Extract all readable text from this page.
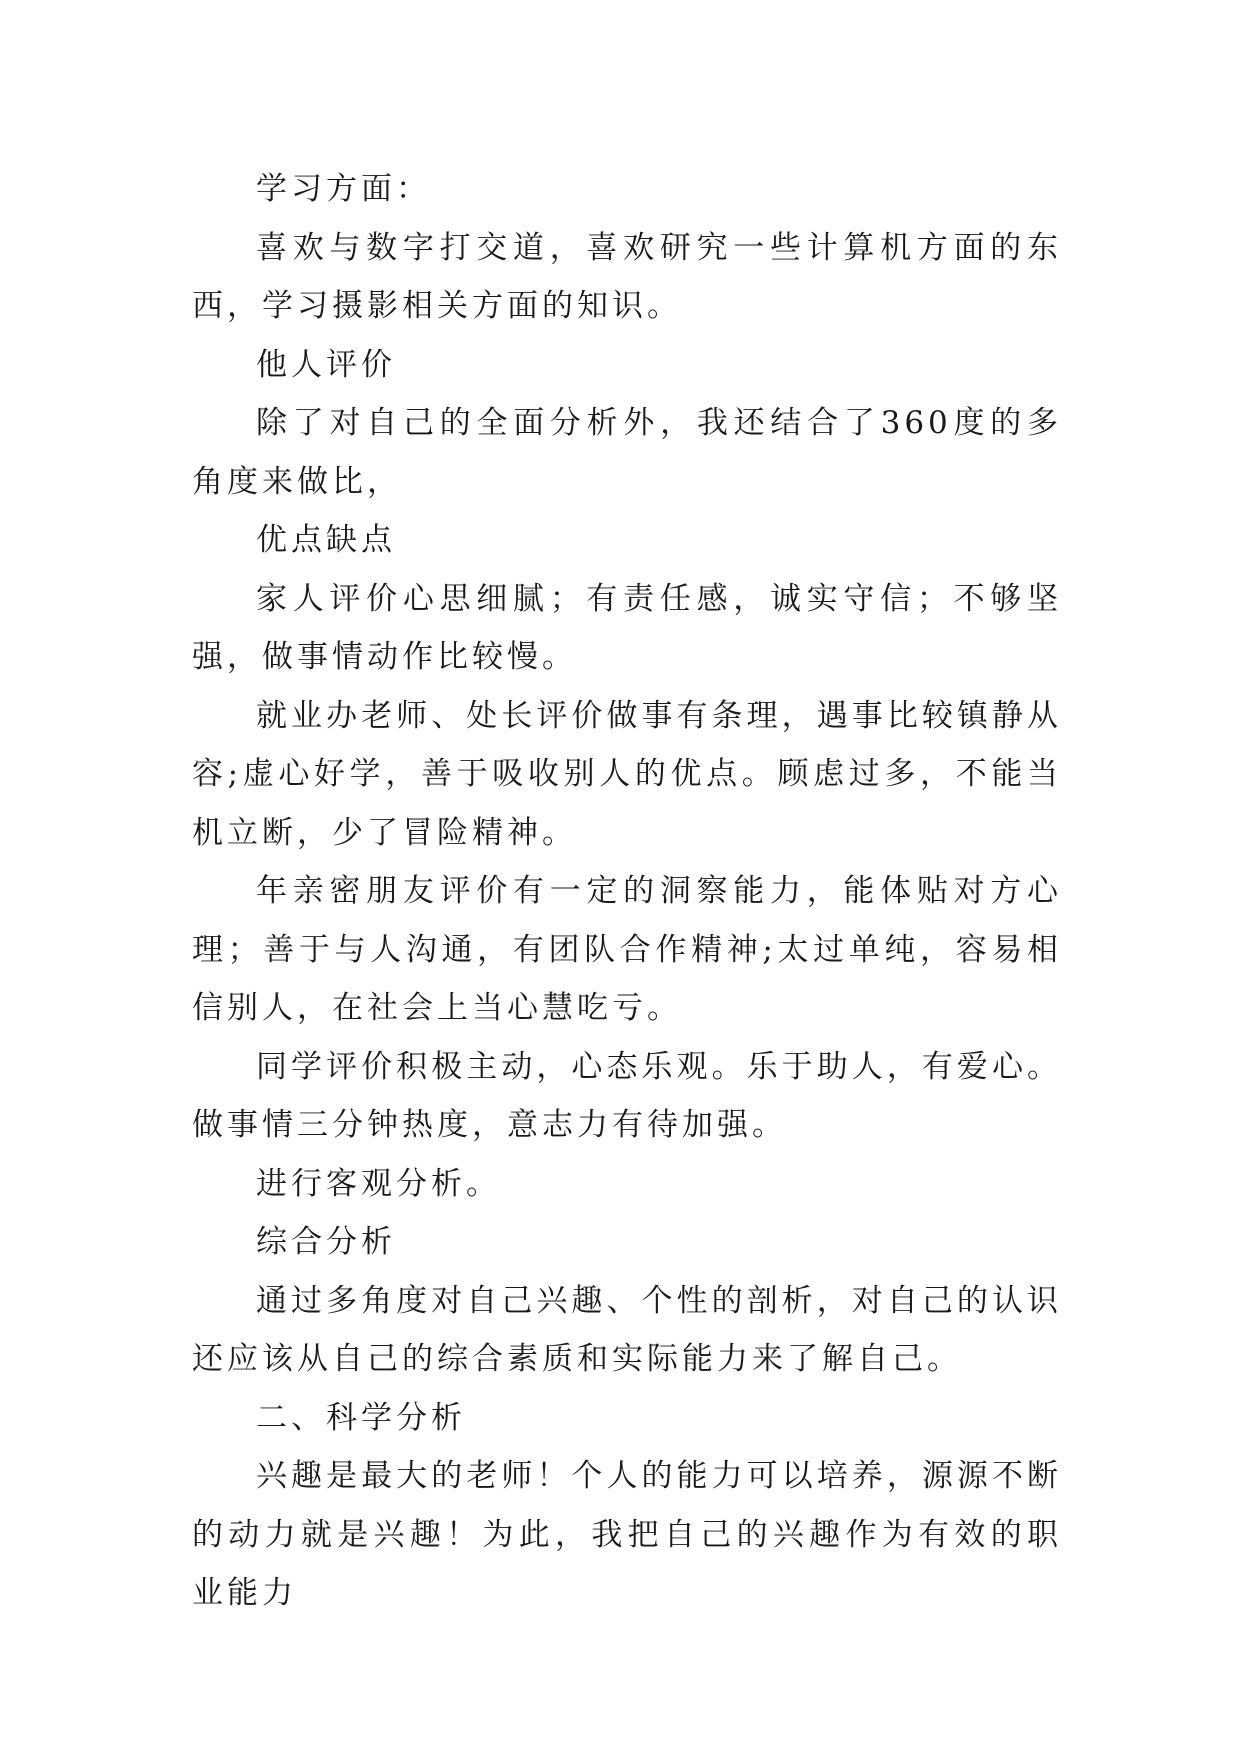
学习方面：

喜欢与数字打交道，喜欢研究一些计算机方面的东西，学习摄影相关方面的知识。

他人评价

除了对自己的全面分析外，我还结合了360度的多角度来做比，

优点缺点

家人评价心思细腻；有责任感，诚实守信；不够坚强，做事情动作比较慢。

就业办老师、处长评价做事有条理，遇事比较镇静从容;虚心好学，善于吸收别人的优点。顾虑过多，不能当机立断，少了冒险精神。

年亲密朋友评价有一定的洞察能力，能体贴对方心理；善于与人沟通，有团队合作精神;太过单纯，容易相信别人，在社会上当心慧吃亏。

同学评价积极主动，心态乐观。乐于助人，有爱心。做事情三分钟热度，意志力有待加强。

进行客观分析。

综合分析

通过多角度对自己兴趣、个性的剖析，对自己的认识还应该从自己的综合素质和实际能力来了解自己。

二、科学分析

兴趣是最大的老师！个人的能力可以培养，源源不断的动力就是兴趣！为此，我把自己的兴趣作为有效的职业能力
